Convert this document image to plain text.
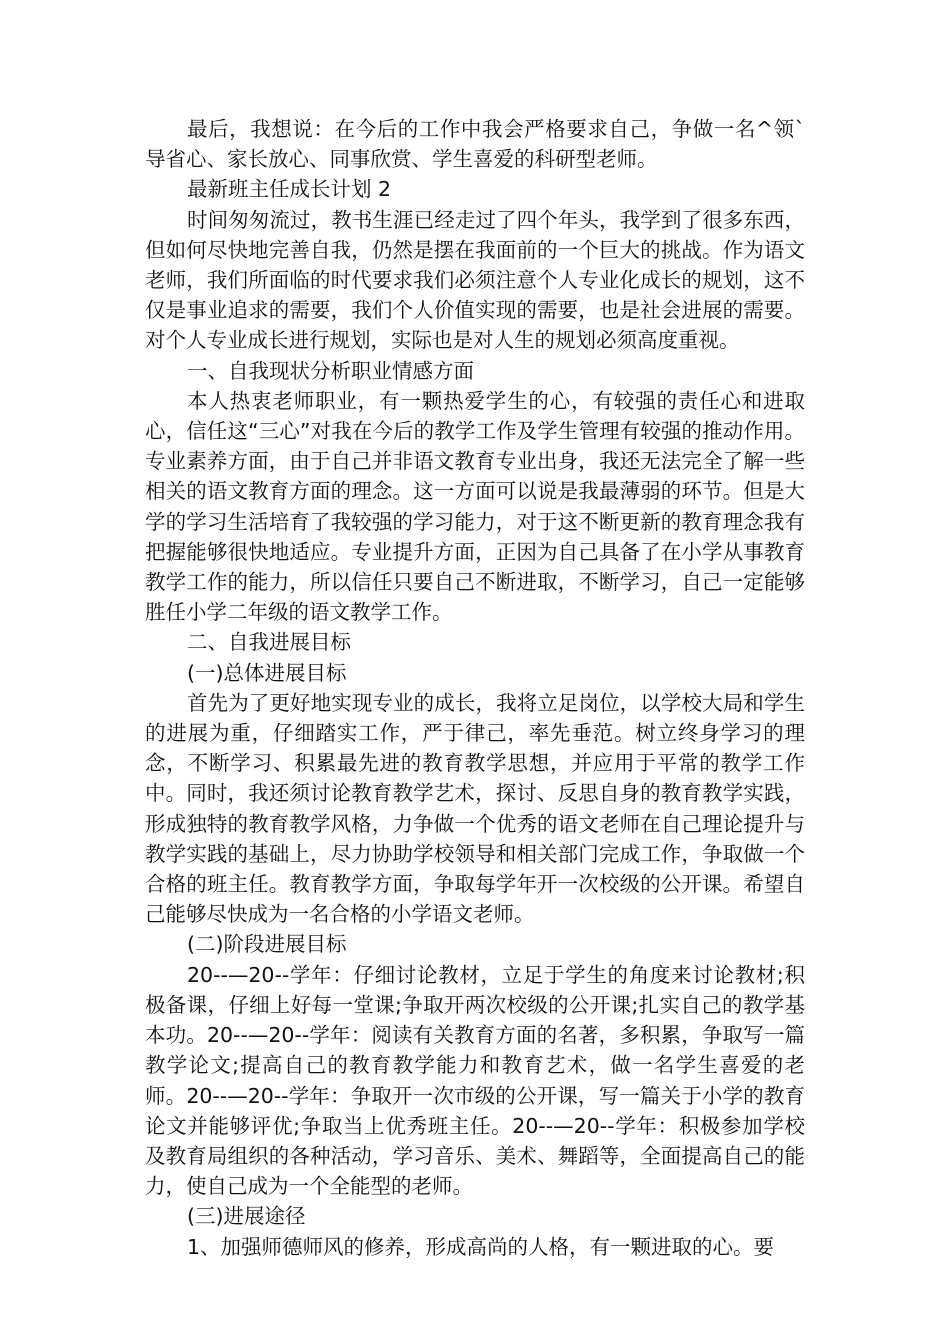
最后，我想说：在今后的工作中我会严格要求自己，争做一名^领`导省心、家长放心、同事欣赏、学生喜爱的科研型老师。

最新班主任成长计划 2

时间匆匆流过，教书生涯已经走过了四个年头，我学到了很多东西，但如何尽快地完善自我，仍然是摆在我面前的一个巨大的挑战。作为语文老师，我们所面临的时代要求我们必须注意个人专业化成长的规划，这不仅是事业追求的需要，我们个人价值实现的需要，也是社会进展的需要。对个人专业成长进行规划，实际也是对人生的规划必须高度重视。

一、自我现状分析职业情感方面

本人热衷老师职业，有一颗热爱学生的心，有较强的责任心和进取心，信任这“三心”对我在今后的教学工作及学生管理有较强的推动作用。专业素养方面，由于自己并非语文教育专业出身，我还无法完全了解一些相关的语文教育方面的理念。这一方面可以说是我最薄弱的环节。但是大学的学习生活培育了我较强的学习能力，对于这不断更新的教育理念我有把握能够很快地适应。专业提升方面，正因为自己具备了在小学从事教育教学工作的能力，所以信任只要自己不断进取，不断学习，自己一定能够胜任小学二年级的语文教学工作。

二、自我进展目标

(一)总体进展目标

首先为了更好地实现专业的成长，我将立足岗位，以学校大局和学生的进展为重，仔细踏实工作，严于律己，率先垂范。树立终身学习的理念，不断学习、积累最先进的教育教学思想，并应用于平常的教学工作中。同时，我还须讨论教育教学艺术，探讨、反思自身的教育教学实践，形成独特的教育教学风格，力争做一个优秀的语文老师在自己理论提升与教学实践的基础上，尽力协助学校领导和相关部门完成工作，争取做一个合格的班主任。教育教学方面，争取每学年开一次校级的公开课。希望自己能够尽快成为一名合格的小学语文老师。

(二)阶段进展目标

20--—20--学年：仔细讨论教材，立足于学生的角度来讨论教材;积极备课，仔细上好每一堂课;争取开两次校级的公开课;扎实自己的教学基本功。20--—20--学年：阅读有关教育方面的名著，多积累，争取写一篇教学论文;提高自己的教育教学能力和教育艺术，做一名学生喜爱的老师。20--—20--学年：争取开一次市级的公开课，写一篇关于小学的教育论文并能够评优;争取当上优秀班主任。20--—20--学年：积极参加学校及教育局组织的各种活动，学习音乐、美术、舞蹈等，全面提高自己的能力，使自己成为一个全能型的老师。

(三)进展途径

1、加强师德师风的修养，形成高尚的人格，有一颗进取的心。要
